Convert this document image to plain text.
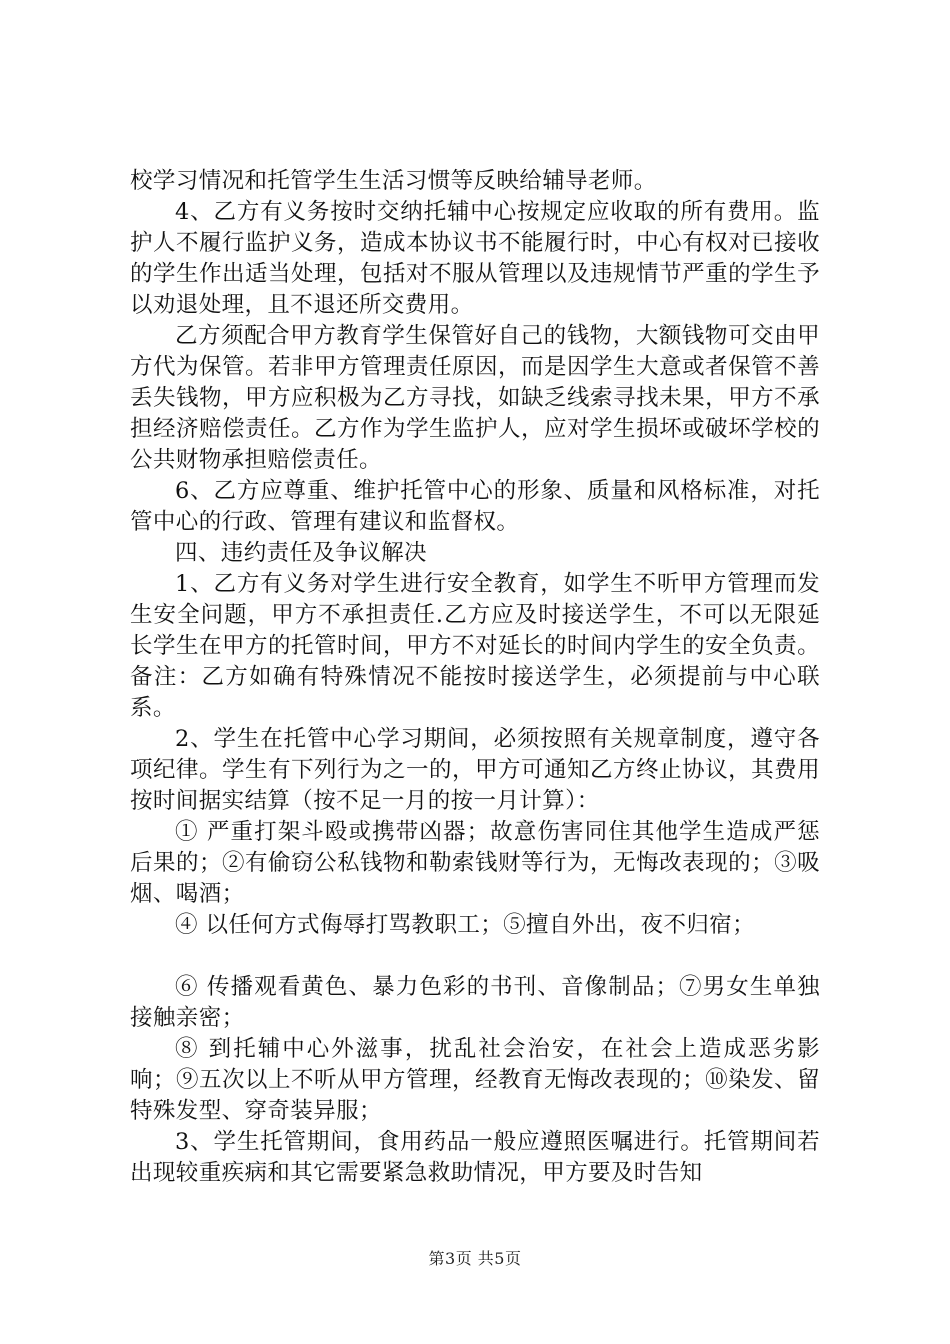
校学习情况和托管学生生活习惯等反映给辅导老师。

4、乙方有义务按时交纳托辅中心按规定应收取的所有费用。监护人不履行监护义务，造成本协议书不能履行时，中心有权对已接收的学生作出适当处理，包括对不服从管理以及违规情节严重的学生予以劝退处理，且不退还所交费用。

乙方须配合甲方教育学生保管好自己的钱物，大额钱物可交由甲方代为保管。若非甲方管理责任原因，而是因学生大意或者保管不善丢失钱物，甲方应积极为乙方寻找，如缺乏线索寻找未果，甲方不承担经济赔偿责任。乙方作为学生监护人，应对学生损坏或破坏学校的公共财物承担赔偿责任。

6、乙方应尊重、维护托管中心的形象、质量和风格标准，对托管中心的行政、管理有建议和监督权。

四、违约责任及争议解决

1、乙方有义务对学生进行安全教育，如学生不听甲方管理而发生安全问题，甲方不承担责任.乙方应及时接送学生，不可以无限延长学生在甲方的托管时间，甲方不对延长的时间内学生的安全负责。备注：乙方如确有特殊情况不能按时接送学生，必须提前与中心联系。

2、学生在托管中心学习期间，必须按照有关规章制度，遵守各项纪律。学生有下列行为之一的，甲方可通知乙方终止协议，其费用按时间据实结算（按不足一月的按一月计算）：

① 严重打架斗殴或携带凶器；故意伤害同住其他学生造成严惩后果的；②有偷窃公私钱物和勒索钱财等行为，无悔改表现的；③吸烟、喝酒；

④ 以任何方式侮辱打骂教职工；⑤擅自外出，夜不归宿；

⑥ 传播观看黄色、暴力色彩的书刊、音像制品；⑦男女生单独接触亲密；

⑧ 到托辅中心外滋事，扰乱社会治安，在社会上造成恶劣影响；⑨五次以上不听从甲方管理，经教育无悔改表现的；⑩染发、留特殊发型、穿奇装异服；

3、学生托管期间，食用药品一般应遵照医嘱进行。托管期间若出现较重疾病和其它需要紧急救助情况，甲方要及时告知

第3页 共5页
